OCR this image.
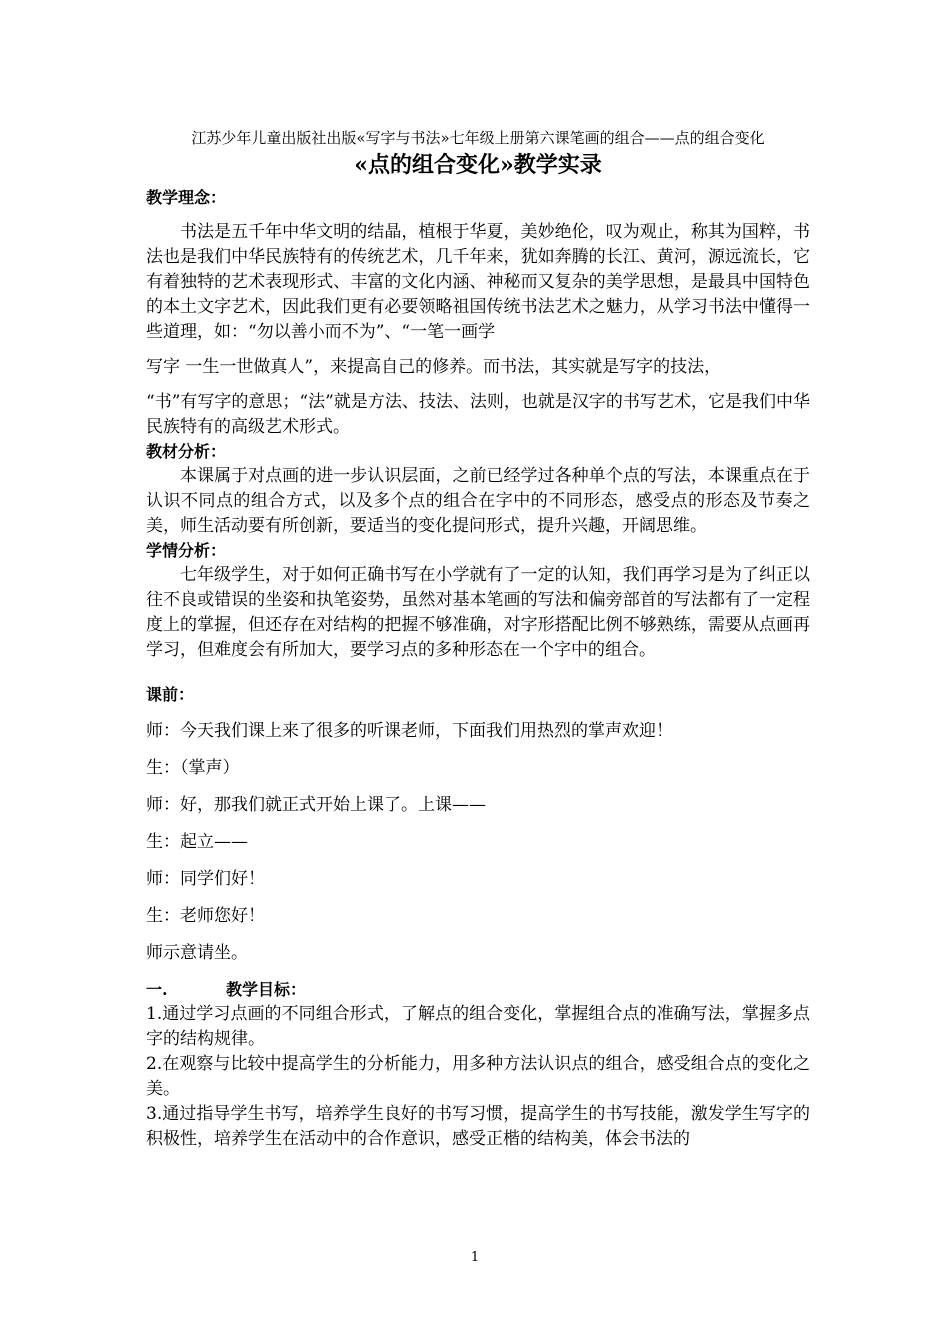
江苏少年儿童出版社出版«写字与书法»七年级上册第六课笔画的组合——点的组合变化

«点的组合变化»教学实录

教学理念：

书法是五千年中华文明的结晶，植根于华夏，美妙绝伦，叹为观止，称其为国粹，书法也是我们中华民族特有的传统艺术，几千年来，犹如奔腾的长江、黄河，源远流长，它有着独特的艺术表现形式、丰富的文化内涵、神秘而又复杂的美学思想，是最具中国特色的本土文字艺术，因此我们更有必要领略祖国传统书法艺术之魅力，从学习书法中懂得一些道理，如：“勿以善小而不为”、“一笔一画学

写字 一生一世做真人”，来提高自己的修养。而书法，其实就是写字的技法，

“书”有写字的意思；“法”就是方法、技法、法则，也就是汉字的书写艺术，它是我们中华民族特有的高级艺术形式。

教材分析：

本课属于对点画的进一步认识层面，之前已经学过各种单个点的写法，本课重点在于认识不同点的组合方式，以及多个点的组合在字中的不同形态，感受点的形态及节奏之美，师生活动要有所创新，要适当的变化提问形式，提升兴趣，开阔思维。

学情分析：

七年级学生，对于如何正确书写在小学就有了一定的认知，我们再学习是为了纠正以往不良或错误的坐姿和执笔姿势，虽然对基本笔画的写法和偏旁部首的写法都有了一定程度上的掌握，但还存在对结构的把握不够准确，对字形搭配比例不够熟练，需要从点画再学习，但难度会有所加大，要学习点的多种形态在一个字中的组合。

课前：

师：今天我们课上来了很多的听课老师，下面我们用热烈的掌声欢迎！

生：（掌声）

师：好，那我们就正式开始上课了。上课——

生：起立——

师：同学们好！

生：老师您好！

师示意请坐。

一.	教学目标：

1.通过学习点画的不同组合形式，了解点的组合变化，掌握组合点的准确写法，掌握多点字的结构规律。

2.在观察与比较中提高学生的分析能力，用多种方法认识点的组合，感受组合点的变化之美。

3.通过指导学生书写，培养学生良好的书写习惯，提高学生的书写技能，激发学生写字的积极性，培养学生在活动中的合作意识，感受正楷的结构美，体会书法的

1
